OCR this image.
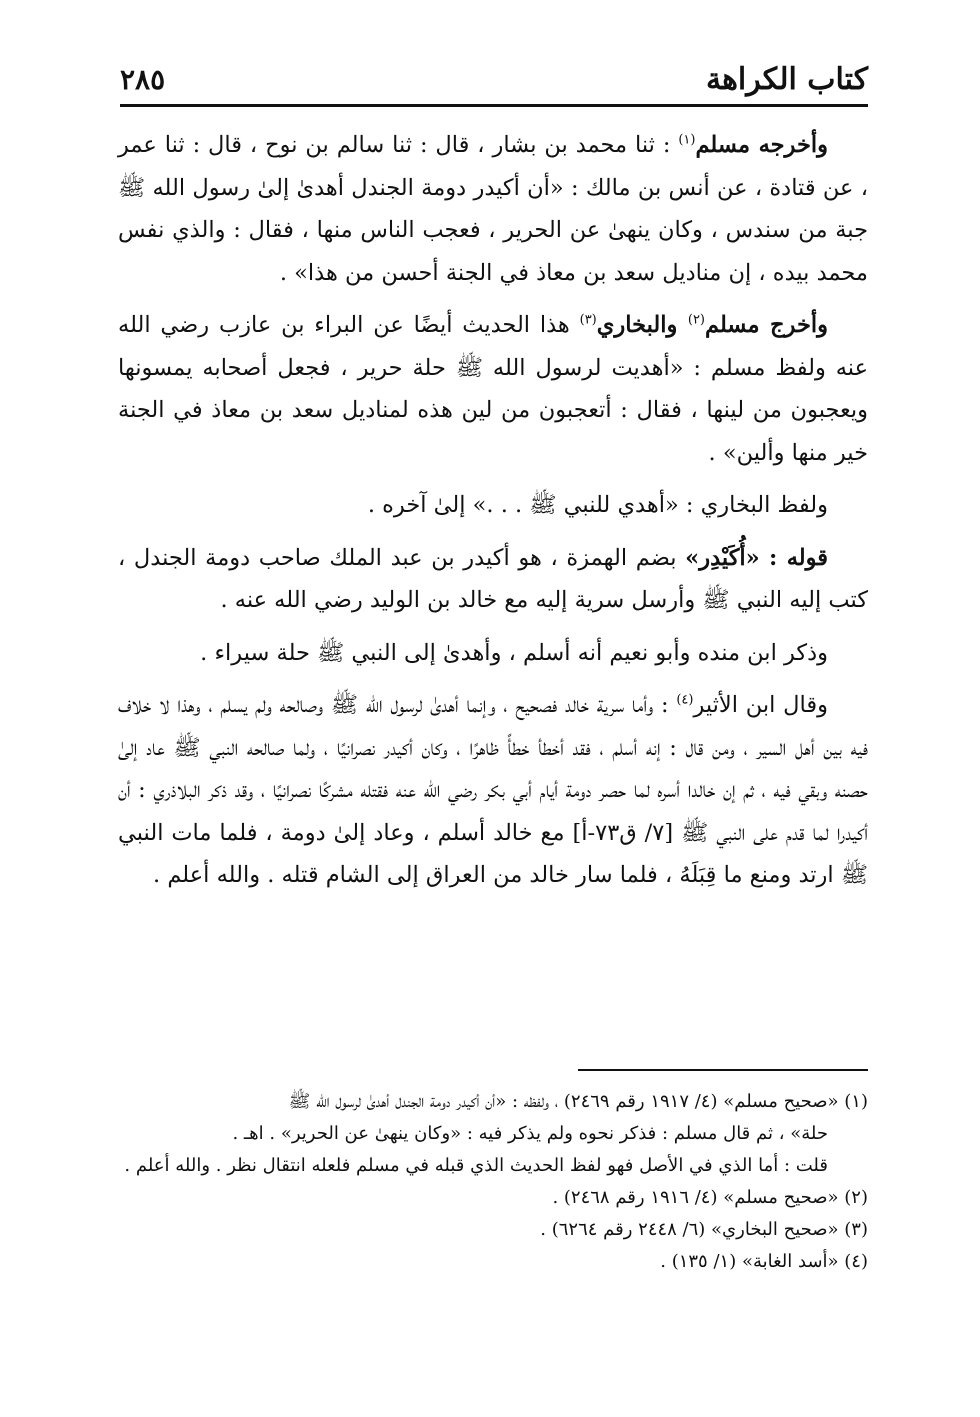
كتاب الكراهة
٢٨٥

وأخرجه مسلم$^{(١)}$ : ثنا محمد بن بشار ، قال : ثنا سالم بن نوح ، قال : ثنا عمر ، عن قتادة ، عن أنس بن مالك : «أن أكيدر دومة الجندل أهدىٰ إلىٰ رسول الله ﷺ جبة من سندس ، وكان ينهىٰ عن الحرير ، فعجب الناس منها ، فقال : والذي نفس محمد بيده ، إن مناديل سعد بن معاذ في الجنة أحسن من هذا» .

وأخرج مسلم$^{(٢)}$ والبخاري$^{(٣)}$ هذا الحديث أيضًا عن البراء بن عازب رضي الله عنه ولفظ مسلم : «أهديت لرسول الله ﷺ حلة حرير ، فجعل أصحابه يمسونها ويعجبون من لينها ، فقال : أتعجبون من لين هذه لمناديل سعد بن معاذ في الجنة خير منها وألين» .

ولفظ البخاري : «أهدي للنبي ﷺ . . .» إلىٰ آخره .

قوله : «أُكَيْدِر» بضم الهمزة ، هو أكيدر بن عبد الملك صاحب دومة الجندل ، كتب إليه النبي ﷺ وأرسل سرية إليه مع خالد بن الوليد رضي الله عنه .

وذكر ابن منده وأبو نعيم أنه أسلم ، وأهدىٰ إلى النبي ﷺ حلة سيراء .

وقال ابن الأثير$^{(٤)}$ : وأما سرية خالد فصحيح ، وإنما أهدىٰ لرسول الله ﷺ وصالحه ولم يسلم ، وهذا لا خلاف فيه بين أهل السير ، ومن قال : إنه أسلم ، فقد أخطأ خطأً ظاهرًا ، وكان أكيدر نصرانيًا ، ولما صالحه النبي ﷺ عاد إلىٰ حصنه وبقي فيه ، ثم إن خالدا أسره لما حصر دومة أيام أبي بكر رضي الله عنه فقتله مشركًا نصرانيًا ، وقد ذكر البلاذري : أن أكيدرا لما قدم على النبي ﷺ [٧/ ق٧٣-أ] مع خالد أسلم ، وعاد إلىٰ دومة ، فلما مات النبي ﷺ ارتد ومنع ما قِبَلَهُ ، فلما سار خالد من العراق إلى الشام قتله . والله أعلم .

(١) «صحيح مسلم» (٤/ ١٩١٧ رقم ٢٤٦٩) ، ولفظه : «أن أكيدر دومة الجندل أهدىٰ لرسول الله ﷺ

حلة» ، ثم قال مسلم : فذكر نحوه ولم يذكر فيه : «وكان ينهىٰ عن الحرير» . اهـ .

قلت : أما الذي في الأصل فهو لفظ الحديث الذي قبله في مسلم فلعله انتقال نظر . والله أعلم .

(٢) «صحيح مسلم» (٤/ ١٩١٦ رقم ٢٤٦٨) .

(٣) «صحيح البخاري» (٦/ ٢٤٤٨ رقم ٦٢٦٤) .

(٤) «أسد الغابة» (١/ ١٣٥) .
